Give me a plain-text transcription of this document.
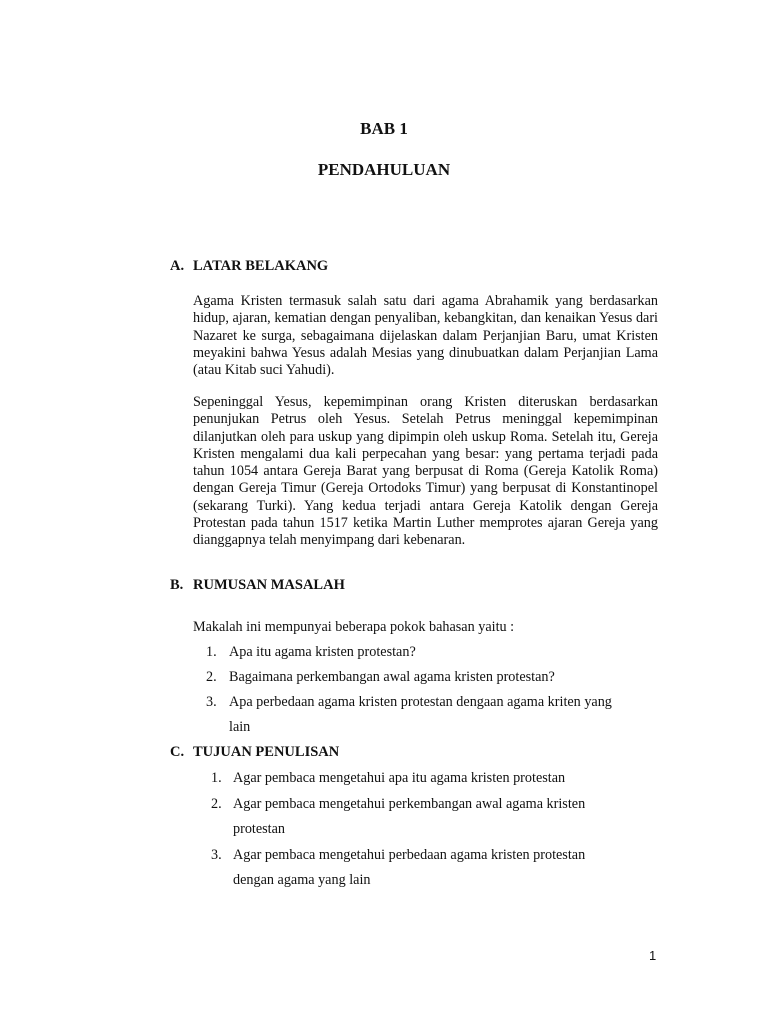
BAB 1
PENDAHULUAN
A. LATAR BELAKANG

Agama Kristen termasuk salah satu dari agama Abrahamik yang berdasarkan hidup, ajaran, kematian dengan penyaliban, kebangkitan, dan kenaikan Yesus dari Nazaret ke surga, sebagaimana dijelaskan dalam Perjanjian Baru, umat Kristen meyakini bahwa Yesus adalah Mesias yang dinubuatkan dalam Perjanjian Lama (atau Kitab suci Yahudi).

Sepeninggal Yesus, kepemimpinan orang Kristen diteruskan berdasarkan penunjukan Petrus oleh Yesus. Setelah Petrus meninggal kepemimpinan dilanjutkan oleh para uskup yang dipimpin oleh uskup Roma. Setelah itu, Gereja Kristen mengalami dua kali perpecahan yang besar: yang pertama terjadi pada tahun 1054 antara Gereja Barat yang berpusat di Roma (Gereja Katolik Roma) dengan Gereja Timur (Gereja Ortodoks Timur) yang berpusat di Konstantinopel (sekarang Turki). Yang kedua terjadi antara Gereja Katolik dengan Gereja Protestan pada tahun 1517 ketika Martin Luther memprotes ajaran Gereja yang dianggapnya telah menyimpang dari kebenaran.

B. RUMUSAN MASALAH

Makalah ini mempunyai beberapa pokok bahasan yaitu :

1. Apa itu agama kristen protestan?
2. Bagaimana perkembangan awal agama kristen protestan?
3. Apa perbedaan agama kristen protestan dengaan agama kriten yang
lain
C. TUJUAN PENULISAN
1. Agar pembaca mengetahui apa itu agama kristen protestan
2. Agar pembaca mengetahui perkembangan awal agama kristen
protestan
3. Agar pembaca mengetahui perbedaan agama kristen protestan
dengan agama yang lain

1
